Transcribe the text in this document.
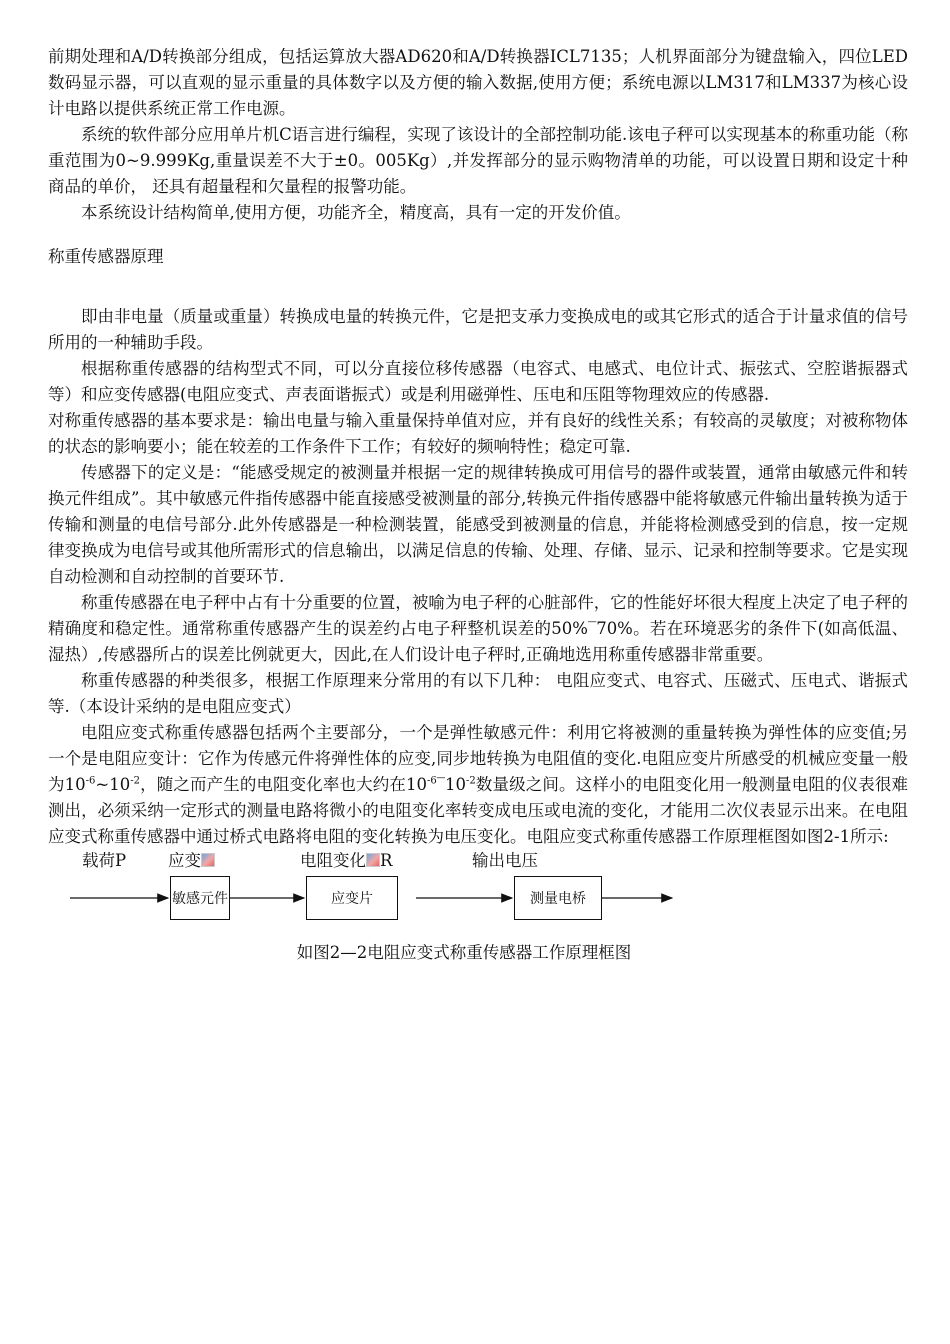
前期处理和A/D转换部分组成，包括运算放大器AD620和A/D转换器ICL7135；人机界面部分为键盘输入，四位LED数码显示器，可以直观的显示重量的具体数字以及方便的输入数据,使用方便；系统电源以LM317和LM337为核心设计电路以提供系统正常工作电源。

系统的软件部分应用单片机C语言进行编程，实现了该设计的全部控制功能.该电子秤可以实现基本的称重功能（称重范围为0~9.999Kg,重量误差不大于±0。005Kg）,并发挥部分的显示购物清单的功能，可以设置日期和设定十种商品的单价， 还具有超量程和欠量程的报警功能。

本系统设计结构简单,使用方便，功能齐全，精度高，具有一定的开发价值。

称重传感器原理

即由非电量（质量或重量）转换成电量的转换元件，它是把支承力变换成电的或其它形式的适合于计量求值的信号所用的一种辅助手段。

根据称重传感器的结构型式不同，可以分直接位移传感器（电容式、电感式、电位计式、振弦式、空腔谐振器式等）和应变传感器(电阻应变式、声表面谐振式）或是利用磁弹性、压电和压阻等物理效应的传感器.

对称重传感器的基本要求是：输出电量与输入重量保持单值对应，并有良好的线性关系；有较高的灵敏度；对被称物体的状态的影响要小；能在较差的工作条件下工作；有较好的频响特性；稳定可靠.

传感器下的定义是：“能感受规定的被测量并根据一定的规律转换成可用信号的器件或装置，通常由敏感元件和转换元件组成”。其中敏感元件指传感器中能直接感受被测量的部分,转换元件指传感器中能将敏感元件输出量转换为适于传输和测量的电信号部分.此外传感器是一种检测装置，能感受到被测量的信息，并能将检测感受到的信息，按一定规律变换成为电信号或其他所需形式的信息输出，以满足信息的传输、处理、存储、显示、记录和控制等要求。它是实现自动检测和自动控制的首要环节.

称重传感器在电子秤中占有十分重要的位置，被喻为电子秤的心脏部件，它的性能好坏很大程度上决定了电子秤的精确度和稳定性。通常称重传感器产生的误差约占电子秤整机误差的50%‾70%。若在环境恶劣的条件下(如高低温、湿热）,传感器所占的误差比例就更大，因此,在人们设计电子秤时,正确地选用称重传感器非常重要。

称重传感器的种类很多，根据工作原理来分常用的有以下几种： 电阻应变式、电容式、压磁式、压电式、谐振式等.（本设计采纳的是电阻应变式）

电阻应变式称重传感器包括两个主要部分，一个是弹性敏感元件：利用它将被测的重量转换为弹性体的应变值;另一个是电阻应变计：它作为传感元件将弹性体的应变,同步地转换为电阻值的变化.电阻应变片所感受的机械应变量一般为$10^{-6}\sim 10^{-2}$，随之而产生的电阻变化率也大约在$10^{-6}‾10^{-2}$数量级之间。这样小的电阻变化用一般测量电阻的仪表很难测出，必须采纳一定形式的测量电路将微小的电阻变化率转变成电压或电流的变化，才能用二次仪表显示出来。在电阻应变式称重传感器中通过桥式电路将电阻的变化转换为电压变化。电阻应变式称重传感器工作原理框图如图2-1所示:

载荷P	应变	电阻变化 R	输出电压
敏感元件	应变片	测量电桥

如图2—2电阻应变式称重传感器工作原理框图
